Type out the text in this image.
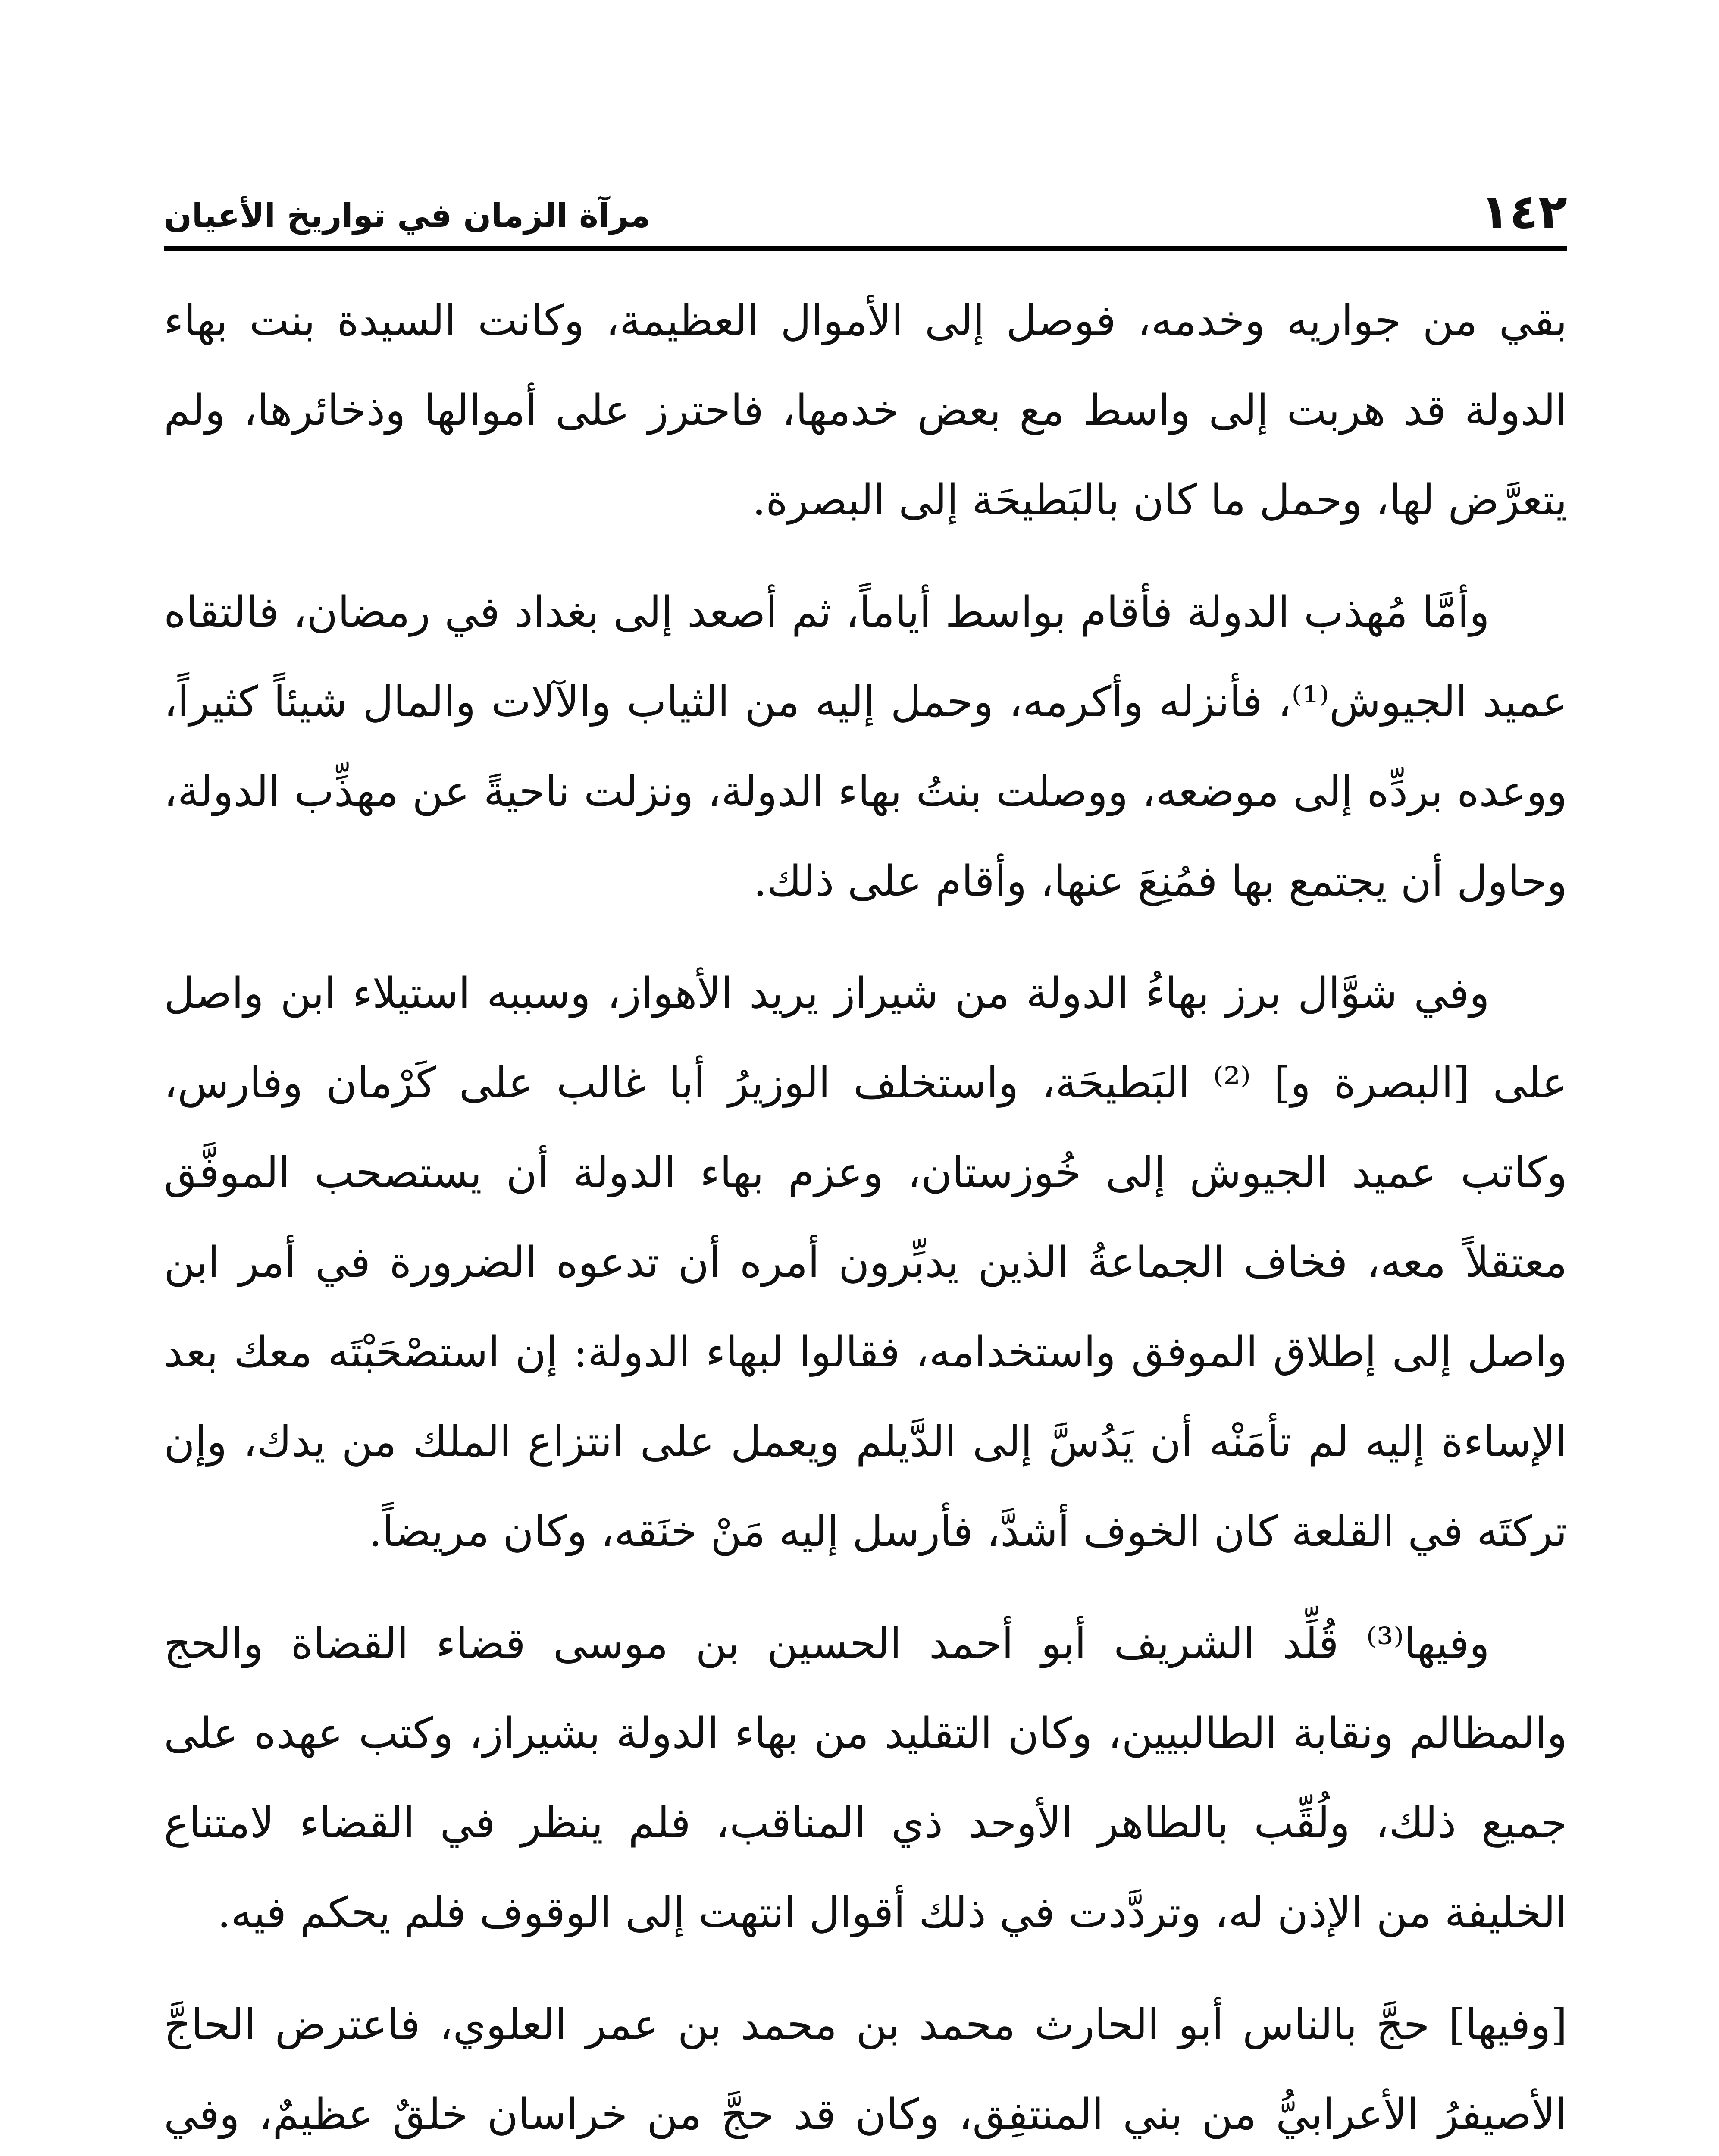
١٤٢
مرآة الزمان في تواريخ الأعيان

بقي من جواريه وخدمه، فوصل إلى الأموال العظيمة، وكانت السيدة بنت بهاء الدولة قد هربت إلى واسط مع بعض خدمها، فاحترز على أموالها وذخائرها، ولم يتعرَّض لها، وحمل ما كان بالبَطيحَة إلى البصرة.

وأمَّا مُهذب الدولة فأقام بواسط أياماً، ثم أصعد إلى بغداد في رمضان، فالتقاه عميد الجيوش⁽¹⁾، فأنزله وأكرمه، وحمل إليه من الثياب والآلات والمال شيئاً كثيراً، ووعده بردِّه إلى موضعه، ووصلت بنتُ بهاء الدولة، ونزلت ناحيةً عن مهذِّب الدولة، وحاول أن يجتمع بها فمُنِعَ عنها، وأقام على ذلك.

وفي شوَّال برز بهاءُ الدولة من شيراز يريد الأهواز، وسببه استيلاء ابن واصل على [البصرة و] ⁽²⁾ البَطيحَة، واستخلف الوزيرُ أبا غالب على كَرْمان وفارس، وكاتب عميد الجيوش إلى خُوزستان، وعزم بهاء الدولة أن يستصحب الموفَّق معتقلاً معه، فخاف الجماعةُ الذين يدبِّرون أمره أن تدعوه الضرورة في أمر ابن واصل إلى إطلاق الموفق واستخدامه، فقالوا لبهاء الدولة: إن استصْحَبْتَه معك بعد الإساءة إليه لم تأمَنْه أن يَدُسَّ إلى الدَّيلم ويعمل على انتزاع الملك من يدك، وإن تركتَه في القلعة كان الخوف أشدَّ، فأرسل إليه مَنْ خنَقه، وكان مريضاً.

وفيها⁽³⁾ قُلِّد الشريف أبو أحمد الحسين بن موسى قضاء القضاة والحج والمظالم ونقابة الطالبيين، وكان التقليد من بهاء الدولة بشيراز، وكتب عهده على جميع ذلك، ولُقِّب بالطاهر الأوحد ذي المناقب، فلم ينظر في القضاء لامتناع الخليفة من الإذن له، وتردَّدت في ذلك أقوال انتهت إلى الوقوف فلم يحكم فيه.

[وفيها] حجَّ بالناس أبو الحارث محمد بن محمد بن عمر العلوي، فاعترض الحاجَّ الأصيفرُ الأعرابيُّ من بني المنتفِق، وكان قد حجَّ من خراسان خلقٌ عظيمٌ، وفي
